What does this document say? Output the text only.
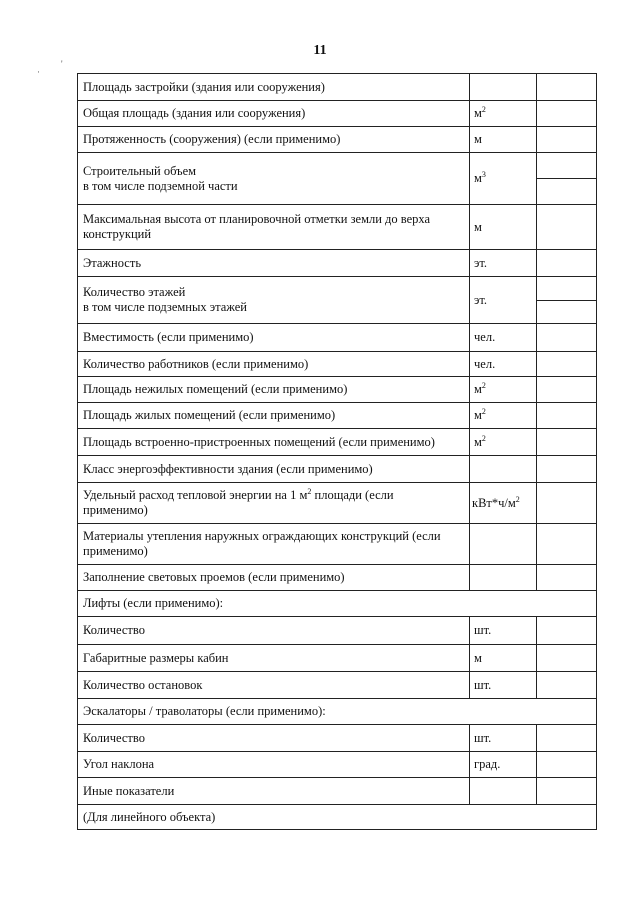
11
·
'
Площадь застройки (здания или сооружения)		

Общая площадь (здания или сооружения)	$м^2$	

Протяженность (сооружения) (если применимо)	м	

Строительный объем
в том числе подземной части	$м^3$	

Максимальная высота от планировочной отметки земли до верха
конструкций	м	

Этажность	эт.	

Количество этажей
в том числе подземных этажей	эт.	

Вместимость (если применимо)	чел.	

Количество работников (если применимо)	чел.	

Площадь нежилых помещений (если применимо)	$м^2$	

Площадь жилых помещений (если применимо)	$м^2$	

Площадь встроенно-пристроенных помещений (если применимо)	$м^2$	

Класс энергоэффективности здания (если применимо)		

Удельный расход тепловой энергии на 1 $м^2$ площади (если
применимо)	$кВт*ч/м^2$	

Материалы утепления наружных ограждающих конструкций (если
применимо)		

Заполнение световых проемов (если применимо)		

Лифты (если применимо):		

Количество	шт.	

Габаритные размеры кабин	м	

Количество остановок	шт.	
Эскалаторы / траволаторы (если применимо):		

Количество	шт.	

Угол наклона	град.	

Иные показатели		

(Для линейного объекта)		
